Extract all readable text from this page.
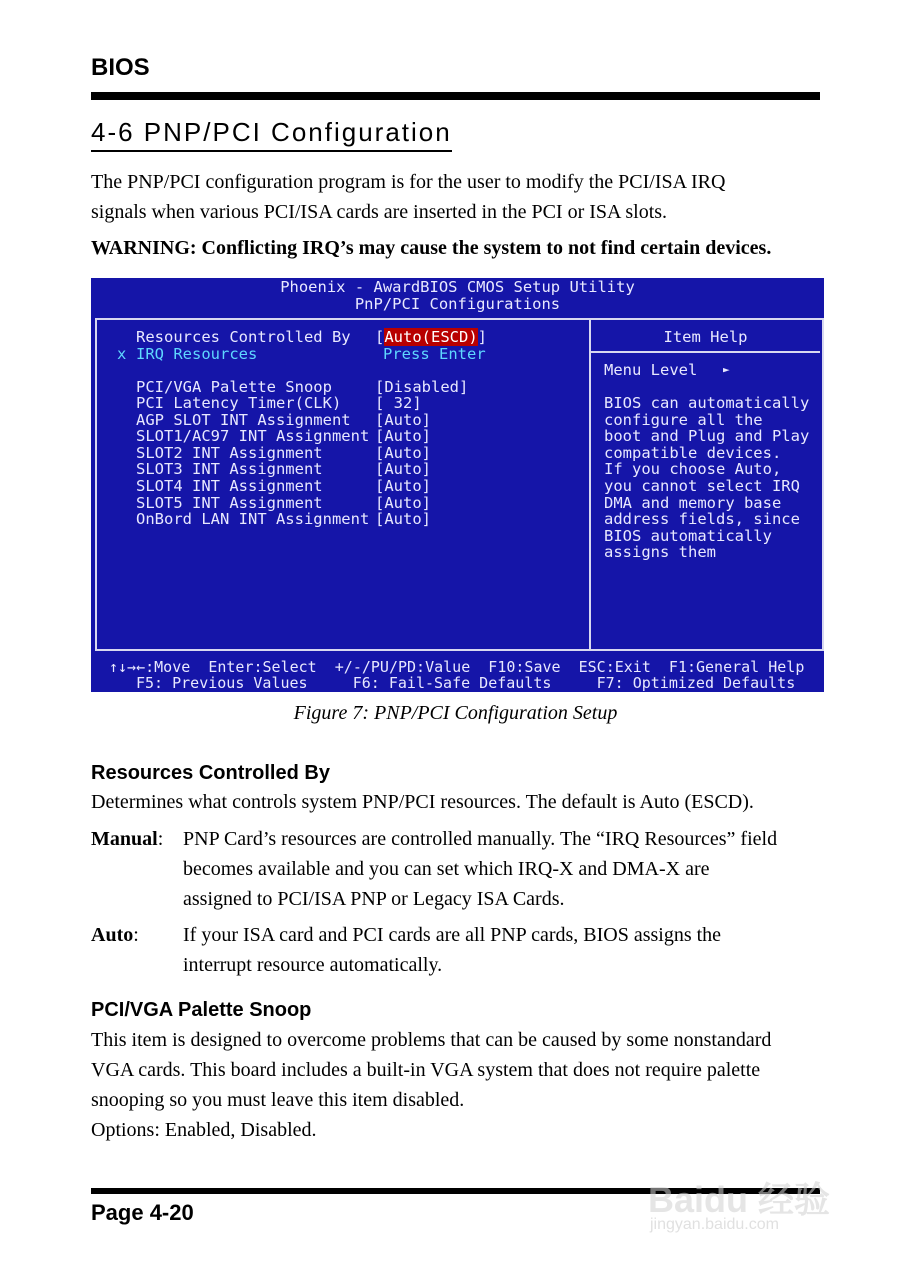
BIOS
4-6 PNP/PCI Configuration
The PNP/PCI configuration program is for the user to modify the PCI/ISA IRQ
signals when various PCI/ISA cards are inserted in the PCI or ISA slots.
WARNING: Conflicting IRQ’s may cause the system to not find certain devices.
Phoenix - AwardBIOS CMOS Setup Utility
PnP/PCI Configurations
Resources Controlled By [Auto(ESCD)]
x IRQ Resources	Press Enter
PCI/VGA Palette Snoop	[Disabled]
PCI Latency Timer(CLK) [ 32]
AGP SLOT INT Assignment [Auto]
SLOT1/AC97 INT Assignment [Auto]
SLOT2 INT Assignment	[Auto]
SLOT3 INT Assignment	[Auto]
SLOT4 INT Assignment	[Auto]
SLOT5 INT Assignment	[Auto]
OnBord LAN INT Assignment [Auto]
Item Help
Menu Level ►
BIOS can automatically
configure all the
boot and Plug and Play
compatible devices.
If you choose Auto,
you cannot select IRQ
DMA and memory base
address fields, since
BIOS automatically
assigns them
↑↓→←:Move  Enter:Select  +/-/PU/PD:Value  F10:Save  ESC:Exit  F1:General Help
F5: Previous Values     F6: Fail-Safe Defaults     F7: Optimized Defaults
Figure 7: PNP/PCI Configuration Setup
Resources Controlled By
Determines what controls system PNP/PCI resources. The default is Auto (ESCD).
Manual: PNP Card’s resources are controlled manually. The “IRQ Resources” field
becomes available and you can set which IRQ-X and DMA-X are
assigned to PCI/ISA PNP or Legacy ISA Cards.
Auto: If your ISA card and PCI cards are all PNP cards, BIOS assigns the
interrupt resource automatically.
PCI/VGA Palette Snoop
This item is designed to overcome problems that can be caused by some nonstandard
VGA cards. This board includes a built-in VGA system that does not require palette
snooping so you must leave this item disabled.
Options: Enabled, Disabled.
Page 4-20	Baidu 经验
jingyan.baidu.com
